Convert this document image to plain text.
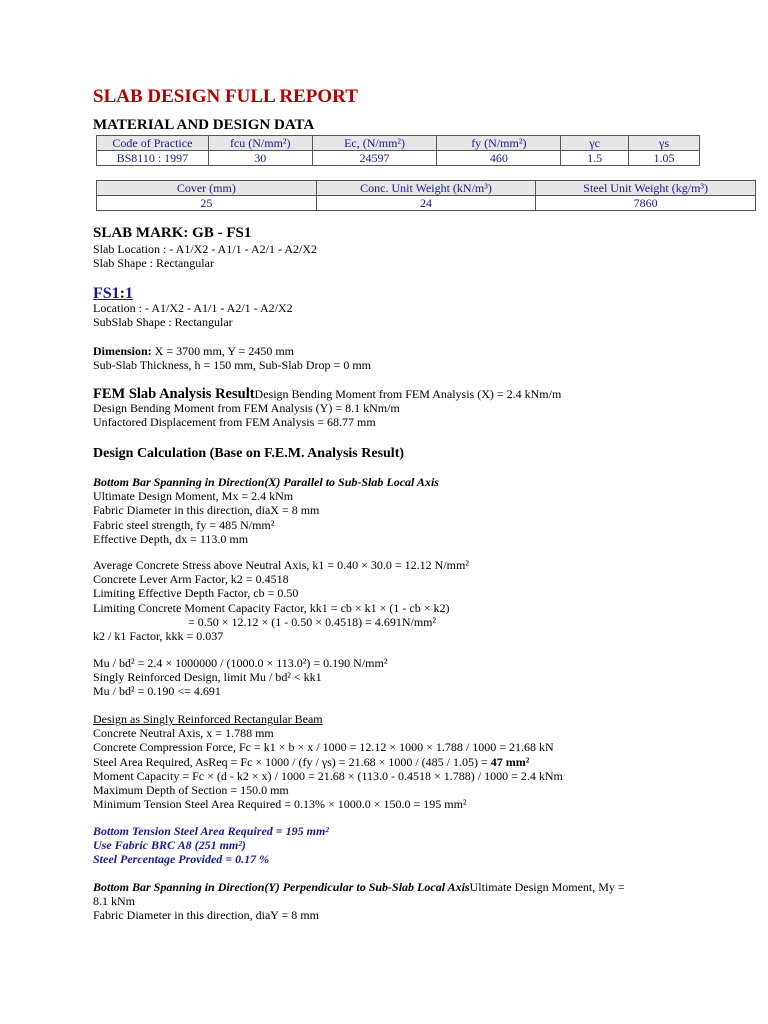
SLAB DESIGN FULL REPORT
MATERIAL AND DESIGN DATA
Code of Practice	fcu (N/mm²)	Ec, (N/mm²)	fy (N/mm²)	γc	γs
BS8110 : 1997	30	24597	460	1.5	1.05
Cover (mm)	Conc. Unit Weight (kN/m³)	Steel Unit Weight (kg/m³)
25	24	7860
SLAB MARK: GB - FS1
Slab Location : - A1/X2 - A1/1 - A2/1 - A2/X2
Slab Shape : Rectangular
FS1:1
Location : - A1/X2 - A1/1 - A2/1 - A2/X2
SubSlab Shape : Rectangular
Dimension: X = 3700 mm, Y = 2450 mm
Sub-Slab Thickness, h = 150 mm, Sub-Slab Drop = 0 mm
FEM Slab Analysis ResultDesign Bending Moment from FEM Analysis (X) = 2.4 kNm/m
Design Bending Moment from FEM Analysis (Y) = 8.1 kNm/m
Unfactored Displacement from FEM Analysis = 68.77 mm
Design Calculation (Base on F.E.M. Analysis Result)
Bottom Bar Spanning in Direction(X) Parallel to Sub-Slab Local Axis
Ultimate Design Moment, Mx = 2.4 kNm
Fabric Diameter in this direction, diaX = 8 mm
Fabric steel strength, fy = 485 N/mm²
Effective Depth, dx = 113.0 mm
Average Concrete Stress above Neutral Axis, k1 = 0.40 × 30.0 = 12.12 N/mm²
Concrete Lever Arm Factor, k2 = 0.4518
Limiting Effective Depth Factor, cb = 0.50
Limiting Concrete Moment Capacity Factor, kk1 = cb × k1 × (1 - cb × k2)
= 0.50 × 12.12 × (1 - 0.50 × 0.4518) = 4.691N/mm²
k2 / k1 Factor, kkk = 0.037
Mu / bd² = 2.4 × 1000000 / (1000.0 × 113.0²) = 0.190 N/mm²
Singly Reinforced Design, limit Mu / bd² < kk1
Mu / bd² = 0.190 <= 4.691
Design as Singly Reinforced Rectangular Beam
Concrete Neutral Axis, x = 1.788 mm
Concrete Compression Force, Fc = k1 × b × x / 1000 = 12.12 × 1000 × 1.788 / 1000 = 21.68 kN
Steel Area Required, AsReq = Fc × 1000 / (fy / γs) = 21.68 × 1000 / (485 / 1.05) = 47 mm²
Moment Capacity = Fc × (d - k2 × x) / 1000 = 21.68 × (113.0 - 0.4518 × 1.788) / 1000 = 2.4 kNm
Maximum Depth of Section = 150.0 mm
Minimum Tension Steel Area Required = 0.13% × 1000.0 × 150.0 = 195 mm²
Bottom Tension Steel Area Required = 195 mm²
Use Fabric BRC A8 (251 mm²)
Steel Percentage Provided = 0.17 %
Bottom Bar Spanning in Direction(Y) Perpendicular to Sub-Slab Local AxisUltimate Design Moment, My =
8.1 kNm
Fabric Diameter in this direction, diaY = 8 mm
